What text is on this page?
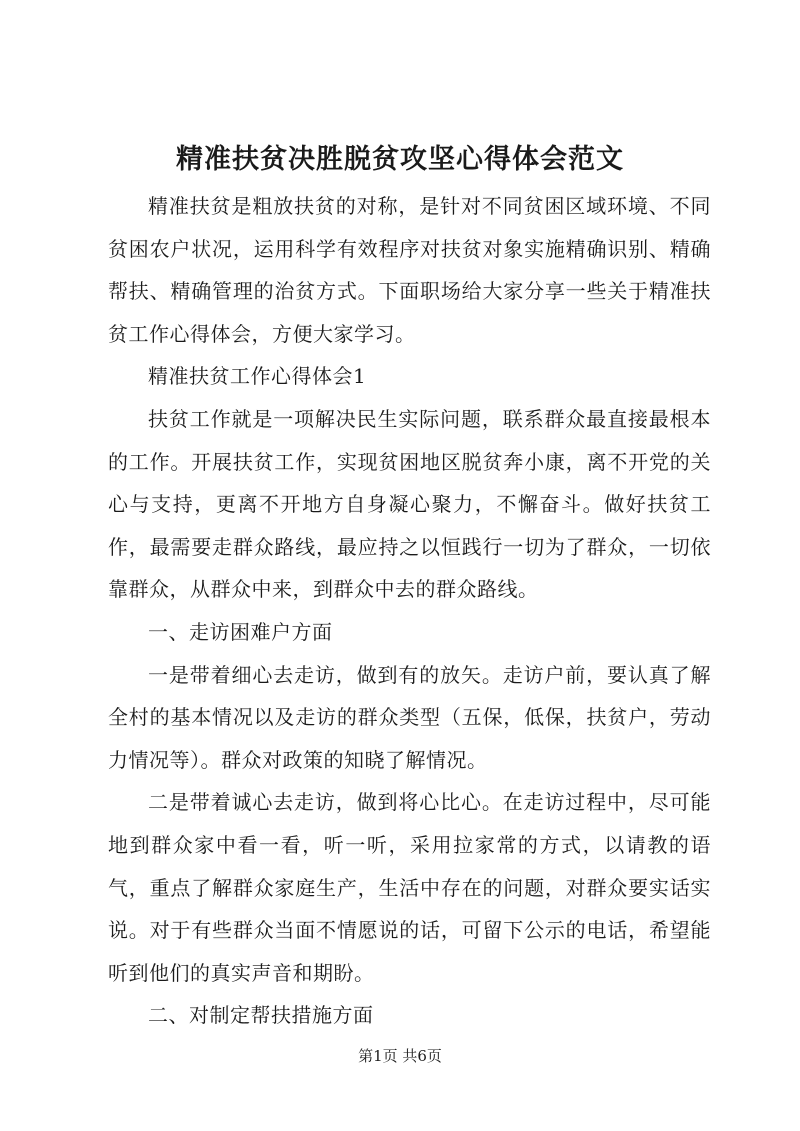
精准扶贫决胜脱贫攻坚心得体会范文

精准扶贫是粗放扶贫的对称，是针对不同贫困区域环境、不同贫困农户状况，运用科学有效程序对扶贫对象实施精确识别、精确帮扶、精确管理的治贫方式。下面职场给大家分享一些关于精准扶贫工作心得体会，方便大家学习。

精准扶贫工作心得体会1

扶贫工作就是一项解决民生实际问题，联系群众最直接最根本的工作。开展扶贫工作，实现贫困地区脱贫奔小康，离不开党的关心与支持，更离不开地方自身凝心聚力，不懈奋斗。做好扶贫工作，最需要走群众路线，最应持之以恒践行一切为了群众，一切依靠群众，从群众中来，到群众中去的群众路线。

一、走访困难户方面

一是带着细心去走访，做到有的放矢。走访户前，要认真了解全村的基本情况以及走访的群众类型（五保，低保，扶贫户，劳动力情况等）。群众对政策的知晓了解情况。

二是带着诚心去走访，做到将心比心。在走访过程中，尽可能地到群众家中看一看，听一听，采用拉家常的方式，以请教的语气，重点了解群众家庭生产，生活中存在的问题，对群众要实话实说。对于有些群众当面不情愿说的话，可留下公示的电话，希望能听到他们的真实声音和期盼。

二、对制定帮扶措施方面

第1页 共6页
